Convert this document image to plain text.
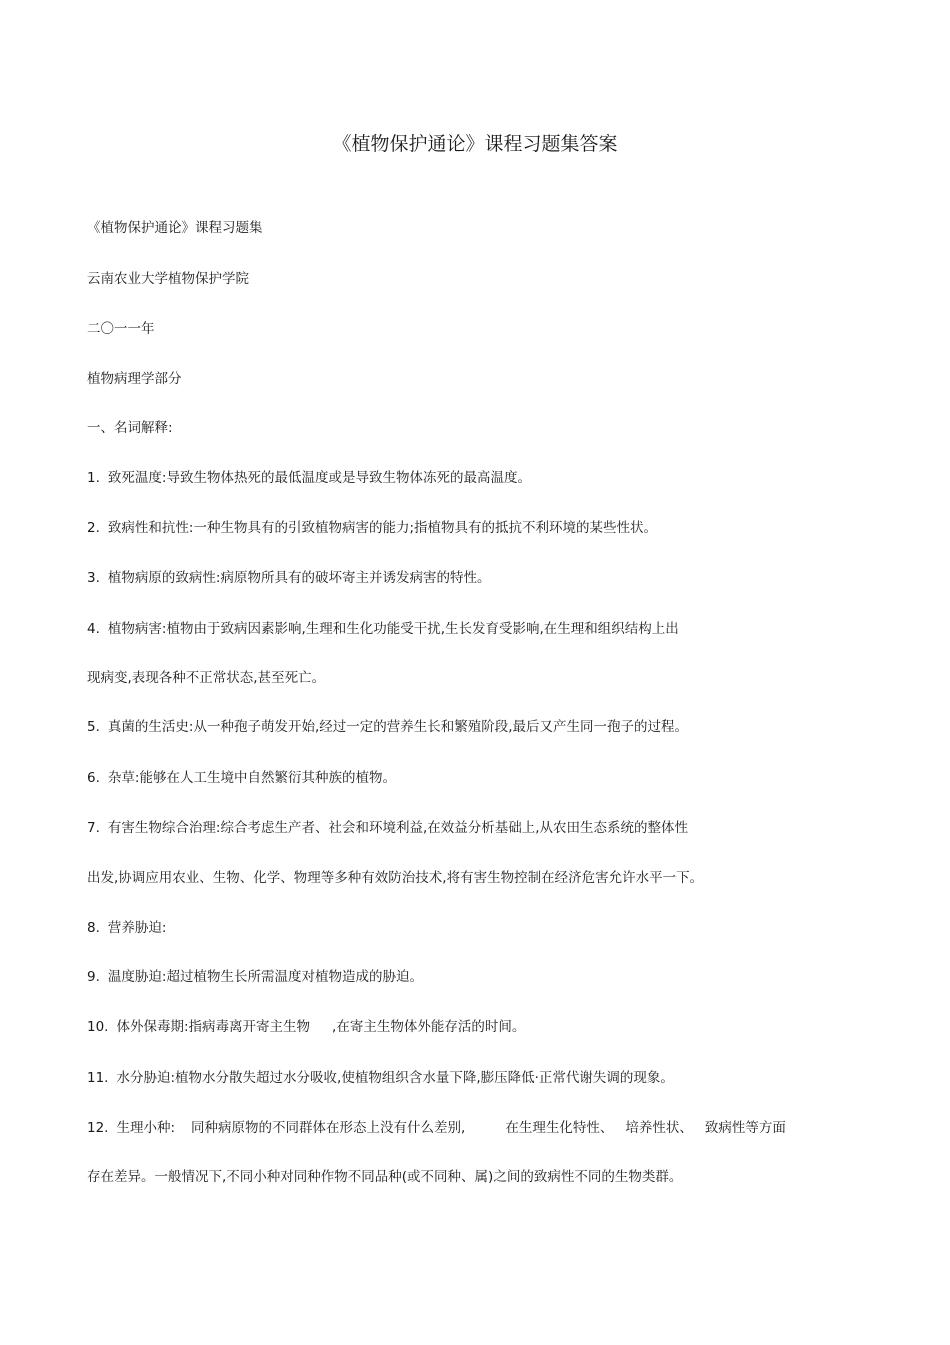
《植物保护通论》课程习题集答案
《植物保护通论》课程习题集
云南农业大学植物保护学院
二〇一一年
植物病理学部分
一、名词解释:
1. 致死温度:导致生物体热死的最低温度或是导致生物体冻死的最高温度。
2. 致病性和抗性:一种生物具有的引致植物病害的能力;指植物具有的抵抗不利环境的某些性状。
3. 植物病原的致病性:病原物所具有的破坏寄主并诱发病害的特性。
4. 植物病害:植物由于致病因素影响,生理和生化功能受干扰,生长发育受影响,在生理和组织结构上出
现病变,表现各种不正常状态,甚至死亡。
5. 真菌的生活史:从一种孢子萌发开始,经过一定的营养生长和繁殖阶段,最后又产生同一孢子的过程。
6. 杂草:能够在人工生境中自然繁衍其种族的植物。
7. 有害生物综合治理:综合考虑生产者、社会和环境利益,在效益分析基础上,从农田生态系统的整体性
出发,协调应用农业、生物、化学、物理等多种有效防治技术,将有害生物控制在经济危害允许水平一下。
8. 营养胁迫:
9. 温度胁迫:超过植物生长所需温度对植物造成的胁迫。
10. 体外保毒期:指病毒离开寄主生物 ,在寄主生物体外能存活的时间。
11. 水分胁迫:植物水分散失超过水分吸收,使植物组织含水量下降,膨压降低·正常代谢失调的现象。
12. 生理小种: 同种病原物的不同群体在形态上没有什么差别,	在生理生化特性、 培养性状、 致病性等方面
存在差异。一般情况下,不同小种对同种作物不同品种(或不同种、属)之间的致病性不同的生物类群。
